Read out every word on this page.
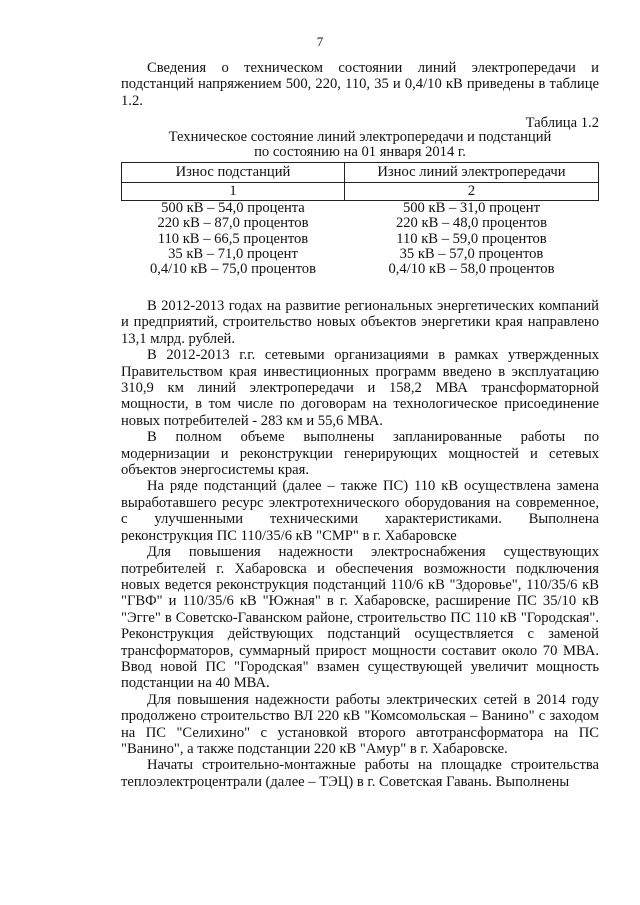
7

Сведения о техническом состоянии линий электропередачи и подстанций напряжением 500, 220, 110, 35 и 0,4/10 кВ приведены в таблице 1.2.

Таблица 1.2
Техническое состояние линий электропередачи и подстанций
по состоянию на 01 января 2014 г.
Износ подстанций	Износ линий электропередачи
1	2
500 кВ – 54,0 процента	500 кВ – 31,0 процент
220 кВ – 87,0 процентов	220 кВ – 48,0 процентов
110 кВ – 66,5 процентов	110 кВ – 59,0 процентов
35 кВ – 71,0 процент	35 кВ – 57,0 процентов
0,4/10 кВ – 75,0 процентов	0,4/10 кВ – 58,0 процентов

В 2012-2013 годах на развитие региональных энергетических компаний и предприятий, строительство новых объектов энергетики края направлено 13,1 млрд. рублей.

В 2012-2013 г.г. сетевыми организациями в рамках утвержденных Правительством края инвестиционных программ введено в эксплуатацию 310,9 км линий электропередачи и 158,2 МВА трансформаторной мощности, в том числе по договорам на технологическое присоединение новых потребителей - 283 км и 55,6 МВА.

В полном объеме выполнены запланированные работы по модернизации и реконструкции генерирующих мощностей и сетевых объектов энергосистемы края.

На ряде подстанций (далее – также ПС) 110 кВ осуществлена замена выработавшего ресурс электротехнического оборудования на современное, с улучшенными техническими характеристиками. Выполнена реконструкция ПС 110/35/6 кВ "СМР" в г. Хабаровске

Для повышения надежности электроснабжения существующих потребителей г. Хабаровска и обеспечения возможности подключения новых ведется реконструкция подстанций 110/6 кВ "Здоровье", 110/35/6 кВ "ГВФ" и 110/35/6 кВ "Южная" в г. Хабаровске, расширение ПС 35/10 кВ "Эгге" в Советско-Гаванском районе, строительство ПС 110 кВ "Городская". Реконструкция действующих подстанций осуществляется с заменой трансформаторов, суммарный прирост мощности составит около 70 МВА. Ввод новой ПС "Городская" взамен существующей увеличит мощность подстанции на 40 МВА.

Для повышения надежности работы электрических сетей в 2014 году продолжено строительство ВЛ 220 кВ "Комсомольская – Ванино" с заходом на ПС "Селихино" с установкой второго автотрансформатора на ПС "Ванино", а также подстанции 220 кВ "Амур" в г. Хабаровске.

Начаты строительно-монтажные работы на площадке строительства теплоэлектроцентрали (далее – ТЭЦ) в г. Советская Гавань. Выполнены
